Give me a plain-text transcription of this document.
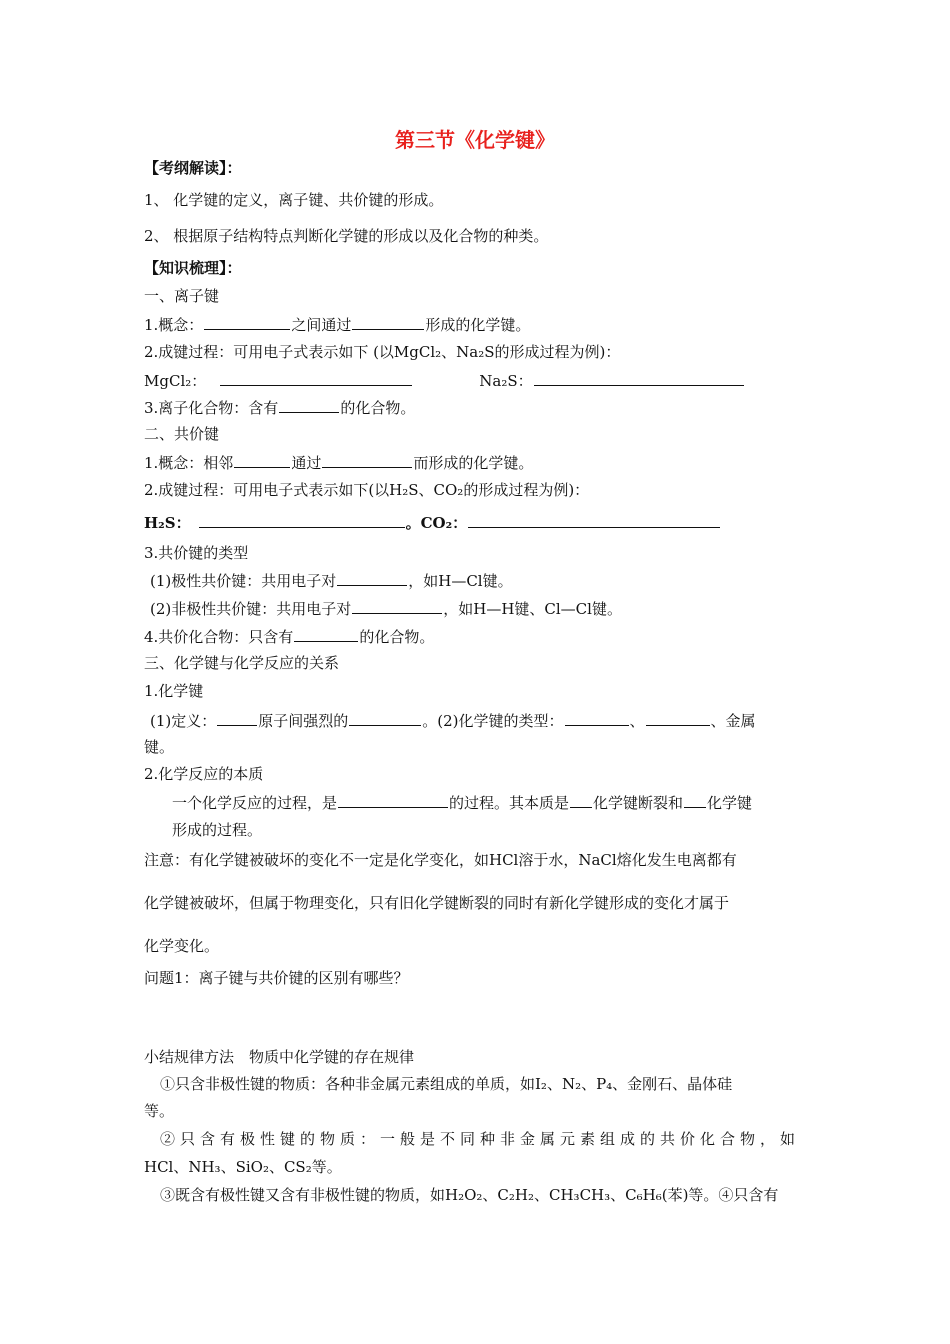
第三节《化学键》
【考纲解读】：
1、 化学键的定义，离子键、共价键的形成。
2、 根据原子结构特点判断化学键的形成以及化合物的种类。
【知识梳理】：
一、离子键
1.概念：	之间通过	形成的化学键。
2.成键过程：可用电子式表示如下 (以MgCl₂、Na₂S的形成过程为例)：
MgCl₂：	Na₂S：
3.离子化合物：含有	的化合物。
二、共价键
1.概念：相邻	通过	而形成的化学键。
2.成键过程：可用电子式表示如下(以H₂S、CO₂的形成过程为例)：
H₂S：	。CO₂：
3.共价键的类型
(1)极性共价键：共用电子对	，如H—Cl键。
(2)非极性共价键：共用电子对	，如H—H键、Cl—Cl键。
4.共价化合物：只含有	的化合物。
三、化学键与化学反应的关系
1.化学键
(1)定义：	原子间强烈的	。(2)化学键的类型：	、	、金属
键。
2.化学反应的本质
一个化学反应的过程，是	的过程。其本质是 化学键断裂和 化学键
形成的过程。
注意：有化学键被破坏的变化不一定是化学变化，如HCl溶于水，NaCl熔化发生电离都有
化学键被破坏，但属于物理变化，只有旧化学键断裂的同时有新化学键形成的变化才属于
化学变化。
问题1：离子键与共价键的区别有哪些？
小结规律方法　物质中化学键的存在规律
①只含非极性键的物质：各种非金属元素组成的单质，如I₂、N₂、P₄、金刚石、晶体硅
等。
②只含有极性键的物质：一般是不同种非金属元素组成的共价化合物，如
HCl、NH₃、SiO₂、CS₂等。
③既含有极性键又含有非极性键的物质，如H₂O₂、C₂H₂、CH₃CH₃、C₆H₆(苯)等。④只含有
